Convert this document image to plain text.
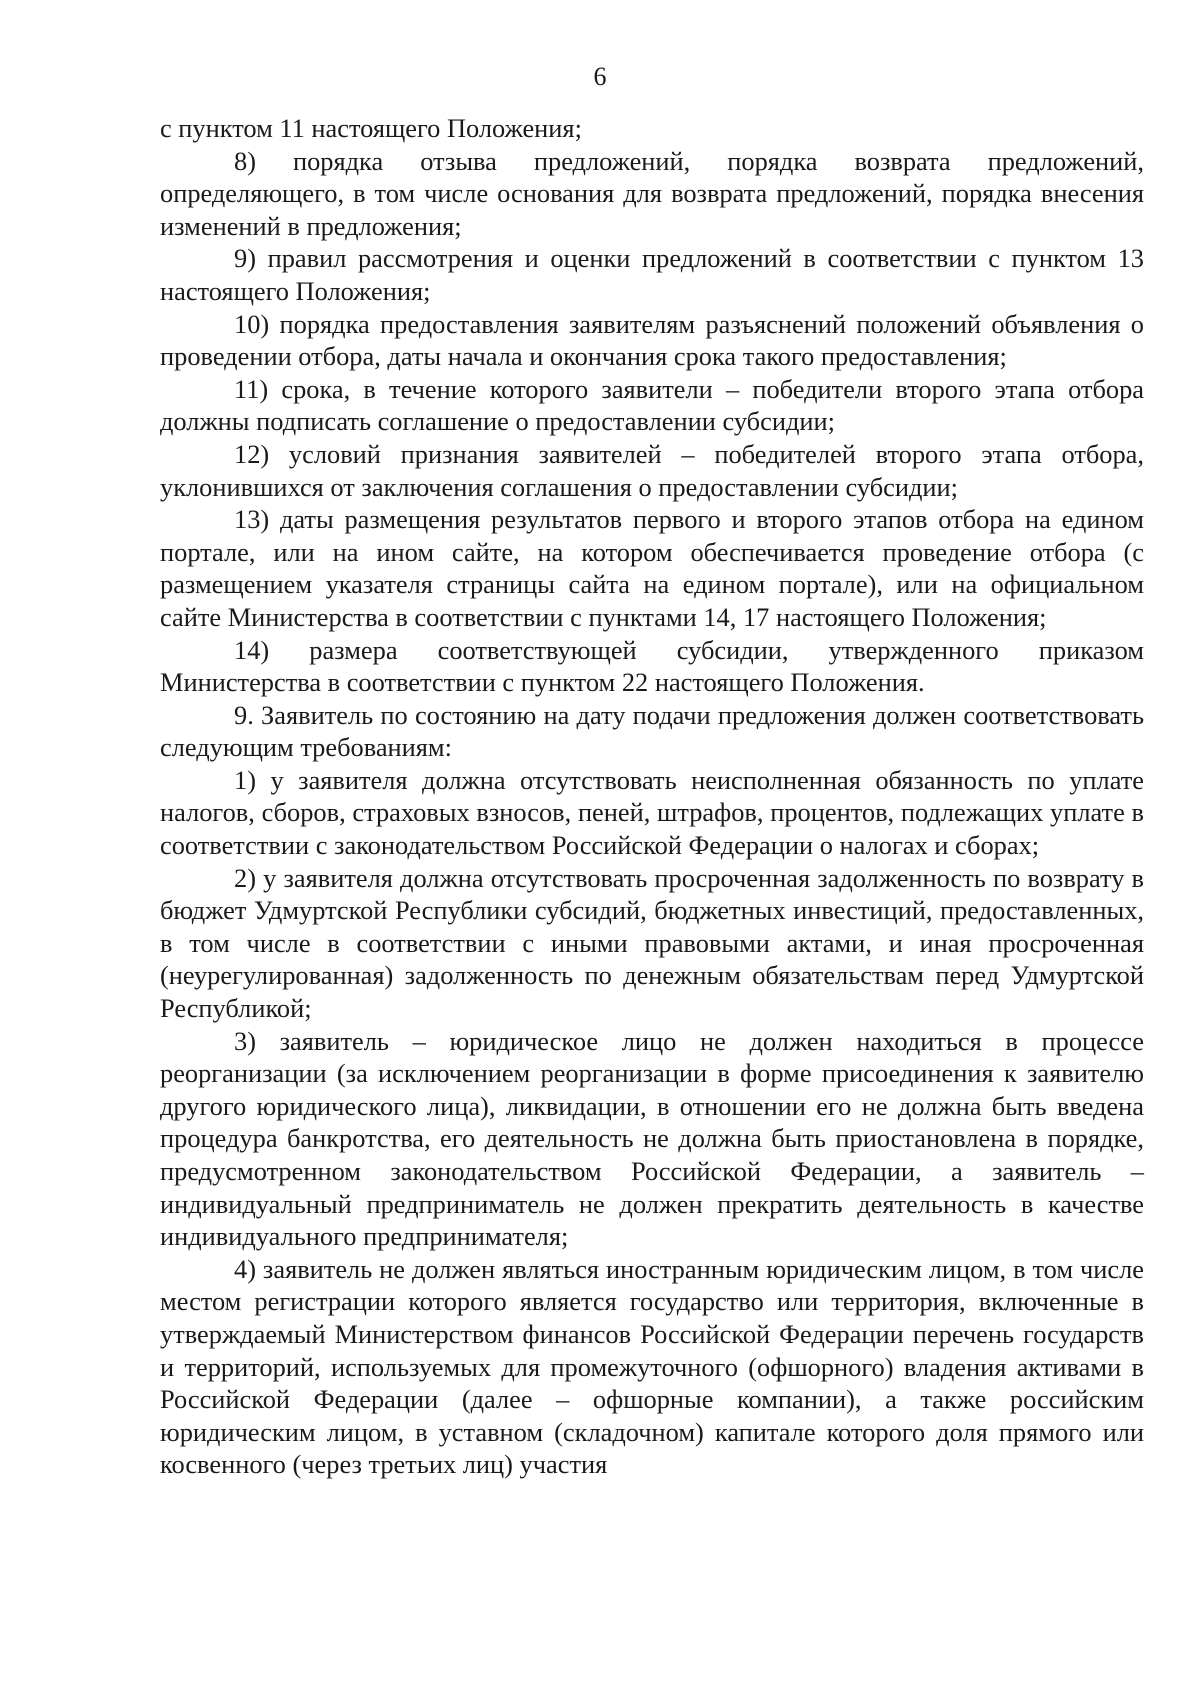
6

с пунктом 11 настоящего Положения;

8) порядка отзыва предложений, порядка возврата предложений, определяющего, в том числе основания для возврата предложений, порядка внесения изменений в предложения;

9) правил рассмотрения и оценки предложений в соответствии с пунктом 13 настоящего Положения;

10) порядка предоставления заявителям разъяснений положений объявления о проведении отбора, даты начала и окончания срока такого предоставления;

11) срока, в течение которого заявители – победители второго этапа отбора должны подписать соглашение о предоставлении субсидии;

12) условий признания заявителей – победителей второго этапа отбора, уклонившихся от заключения соглашения о предоставлении субсидии;

13) даты размещения результатов первого и второго этапов отбора на едином портале, или на ином сайте, на котором обеспечивается проведение отбора (с размещением указателя страницы сайта на едином портале), или на официальном сайте Министерства в соответствии с пунктами 14, 17 настоящего Положения;

14) размера соответствующей субсидии, утвержденного приказом Министерства в соответствии с пунктом 22 настоящего Положения.

9. Заявитель по состоянию на дату подачи предложения должен соответствовать следующим требованиям:

1) у заявителя должна отсутствовать неисполненная обязанность по уплате налогов, сборов, страховых взносов, пеней, штрафов, процентов, подлежащих уплате в соответствии с законодательством Российской Федерации о налогах и сборах;

2) у заявителя должна отсутствовать просроченная задолженность по возврату в бюджет Удмуртской Республики субсидий, бюджетных инвестиций, предоставленных, в том числе в соответствии с иными правовыми актами, и иная просроченная (неурегулированная) задолженность по денежным обязательствам перед Удмуртской Республикой;

3) заявитель – юридическое лицо не должен находиться в процессе реорганизации (за исключением реорганизации в форме присоединения к заявителю другого юридического лица), ликвидации, в отношении его не должна быть введена процедура банкротства, его деятельность не должна быть приостановлена в порядке, предусмотренном законодательством Российской Федерации, а заявитель – индивидуальный предприниматель не должен прекратить деятельность в качестве индивидуального предпринимателя;

4) заявитель не должен являться иностранным юридическим лицом, в том числе местом регистрации которого является государство или территория, включенные в утверждаемый Министерством финансов Российской Федерации перечень государств и территорий, используемых для промежуточного (офшорного) владения активами в Российской Федерации (далее – офшорные компании), а также российским юридическим лицом, в уставном (складочном) капитале которого доля прямого или косвенного (через третьих лиц) участия
